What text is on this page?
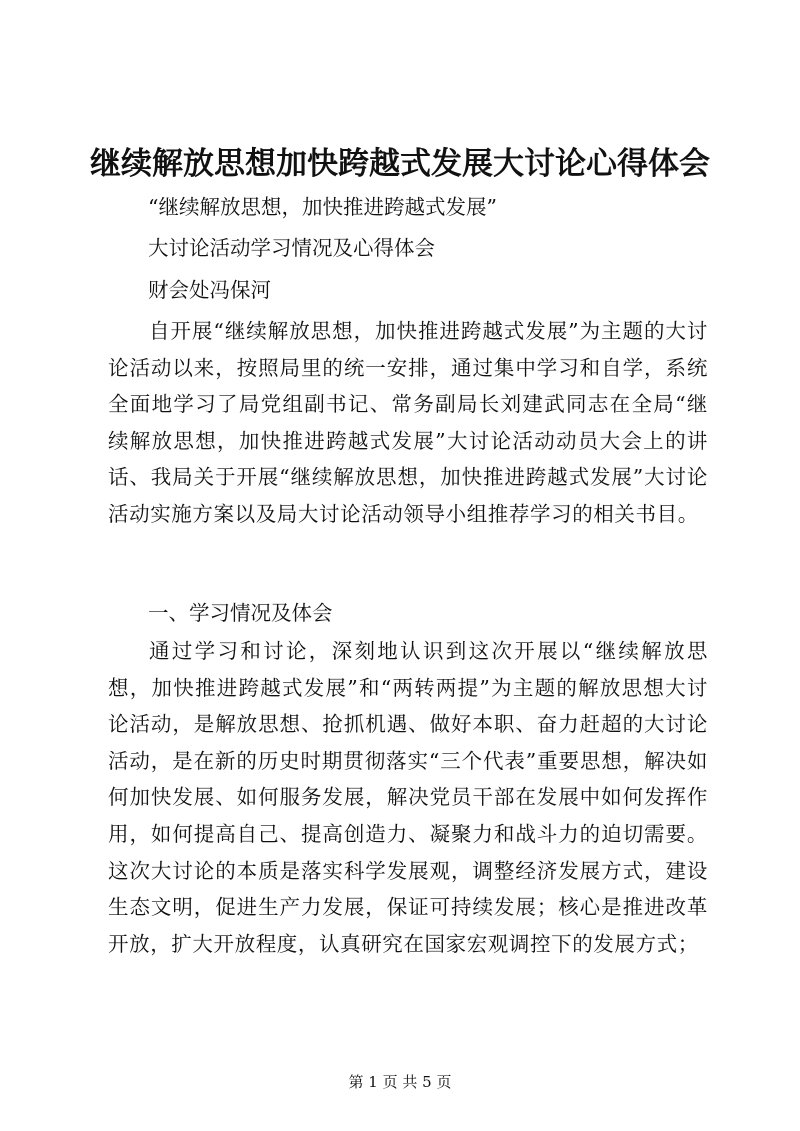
继续解放思想加快跨越式发展大讨论心得体会
“继续解放思想，加快推进跨越式发展”
大讨论活动学习情况及心得体会
财会处冯保河

自开展“继续解放思想，加快推进跨越式发展”为主题的大讨论活动以来，按照局里的统一安排，通过集中学习和自学，系统全面地学习了局党组副书记、常务副局长刘建武同志在全局“继续解放思想，加快推进跨越式发展”大讨论活动动员大会上的讲话、我局关于开展“继续解放思想，加快推进跨越式发展”大讨论活动实施方案以及局大讨论活动领导小组推荐学习的相关书目。

一、学习情况及体会

通过学习和讨论，深刻地认识到这次开展以“继续解放思想，加快推进跨越式发展”和“两转两提”为主题的解放思想大讨论活动，是解放思想、抢抓机遇、做好本职、奋力赶超的大讨论活动，是在新的历史时期贯彻落实“三个代表”重要思想，解决如何加快发展、如何服务发展，解决党员干部在发展中如何发挥作用，如何提高自己、提高创造力、凝聚力和战斗力的迫切需要。这次大讨论的本质是落实科学发展观，调整经济发展方式，建设生态文明，促进生产力发展，保证可持续发展；核心是推进改革开放，扩大开放程度，认真研究在国家宏观调控下的发展方式；

第 1 页 共 5 页
